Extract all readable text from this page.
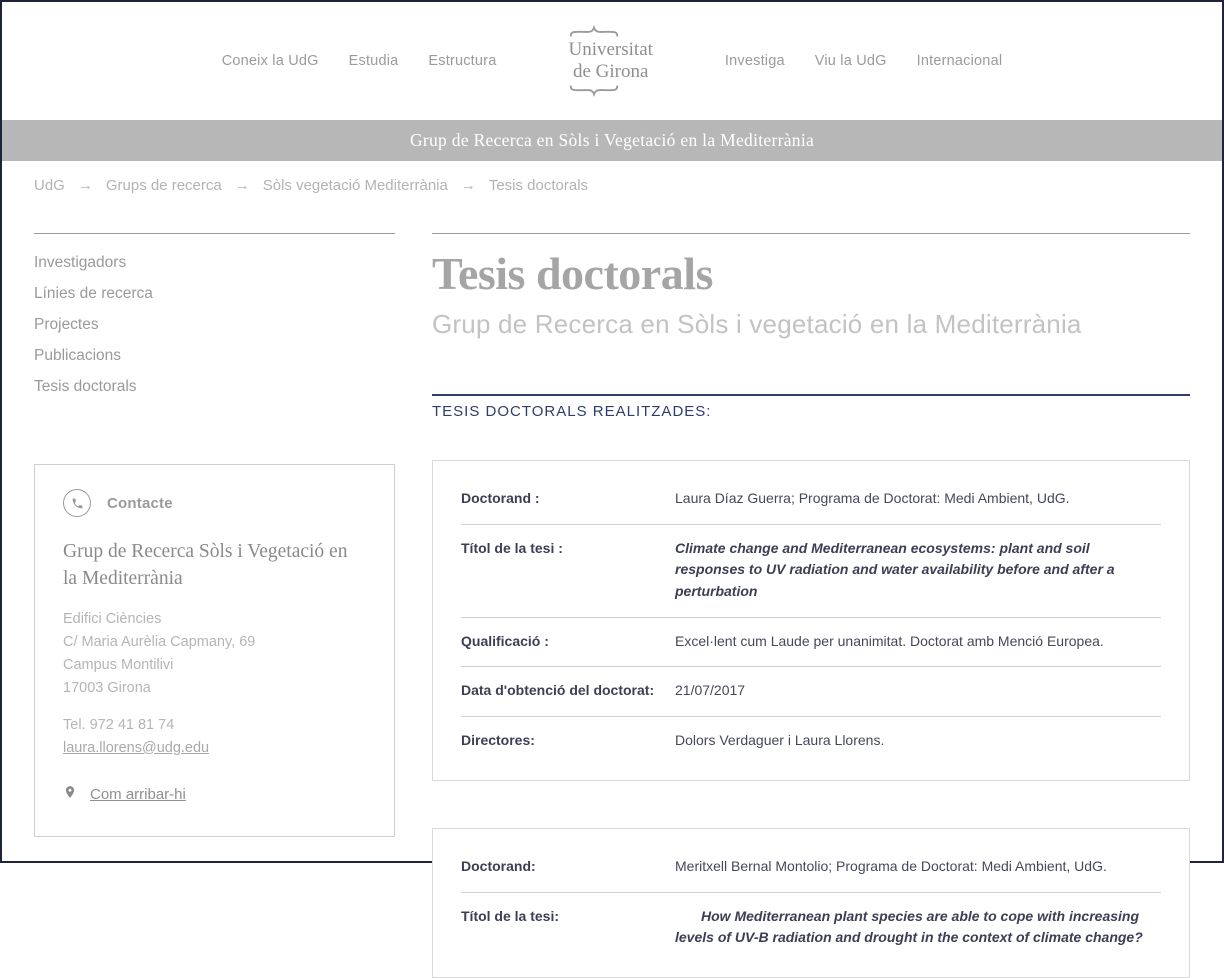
Coneix la UdG Estudia Estructura
Universitat
de Girona	Investiga Viu la UdG Internacional
Grup de Recerca en Sòls i Vegetació en la Mediterrània
UdG → Grups de recerca → Sòls vegetació Mediterrània → Tesis doctorals
Investigadors
Línies de recerca
Projectes
Publicacions
Tesis doctorals
Contacte
Grup de Recerca Sòls i Vegetació en la Mediterrània
Edifici Ciències
C/ Maria Aurèlia Capmany, 69
Campus Montilivi
17003 Girona
Tel. 972 41 81 74
laura.llorens@udg.edu
Com arribar-hi
Tesis doctorals
Grup de Recerca en Sòls i vegetació en la Mediterrània
TESIS DOCTORALS REALITZADES:
Doctorand :	Laura Díaz Guerra; Programa de Doctorat: Medi Ambient, UdG.
Títol de la tesi :	Climate change and Mediterranean ecosystems: plant and soil responses to UV radiation and water availability before and after a perturbation
Qualificació :	Excel·lent cum Laude per unanimitat. Doctorat amb Menció Europea.
Data d'obtenció del doctorat:	21/07/2017
Directores:	Dolors Verdaguer i Laura Llorens.
Doctorand:	Meritxell Bernal Montolio; Programa de Doctorat: Medi Ambient, UdG.
Títol de la tesi:	How Mediterranean plant species are able to cope with increasing levels of UV-B radiation and drought in the context of climate change?
